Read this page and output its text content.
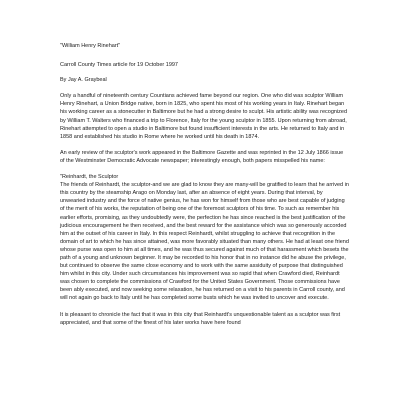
"William Henry Rinehart"

Carroll County Times article for 19 October 1997

By Jay A. Graybeal

Only a handful of nineteenth century Countians achieved fame beyond our region. One who did was sculptor William Henry Rinehart, a Union Bridge native, born in 1825, who spent his most of his working years in Italy. Rinehart began his working career as a stonecutter in Baltimore but he had a strong desire to sculpt. His artistic ability was recognized by William T. Walters who financed a trip to Florence, Italy for the young sculptor in 1855. Upon returning from abroad, Rinehart attempted to open a studio in Baltimore but found insufficient interests in the arts. He returned to Italy and in 1858 and established his studio in Rome where he worked until his death in 1874.

An early review of the sculptor's work appeared in the Baltimore Gazette and was reprinted in the 12 July 1866 issue of the Westminster Democratic Advocate newspaper; interestingly enough, both papers misspelled his name:

"Reinhardt, the Sculptor

The friends of Reinhardt, the sculptor-and we are glad to know they are many-will be gratified to learn that he arrived in this country by the steamship Arago on Monday last, after an absence of eight years. During that interval, by unwearied industry and the force of native genius, he has won for himself from those who are best capable of judging of the merit of his works, the reputation of being one of the foremost sculptors of his time. To such as remember his earlier efforts, promising, as they undoubtedly were, the perfection he has since reached is the best justification of the judicious encouragement he then received, and the best reward for the assistance which was so generously accorded him at the outset of his career in Italy. In this respect Reinhardt, whilst struggling to achieve that recognition in the domain of art to which he has since attained, was more favorably situated than many others. He had at least one friend whose purse was open to him at all times, and he was thus secured against much of that harassment which besets the path of a young and unknown beginner. It may be recorded to his honor that in no instance did he abuse the privilege, but continued to observe the same close economy and to work with the same assiduity of purpose that distinguished him whilst in this city. Under such circumstances his improvement was so rapid that when Crawford died, Reinhardt was chosen to complete the commissions of Crawford for the United States Government. Those commissions have been ably executed, and now seeking some relaxation, he has returned on a visit to his parents in Carroll county, and will not again go back to Italy until he has completed some busts which he was invited to uncover and execute.

It is pleasant to chronicle the fact that it was in this city that Reinhardt's unquestionable talent as a sculptor was first appreciated, and that some of the finest of his later works have here found
